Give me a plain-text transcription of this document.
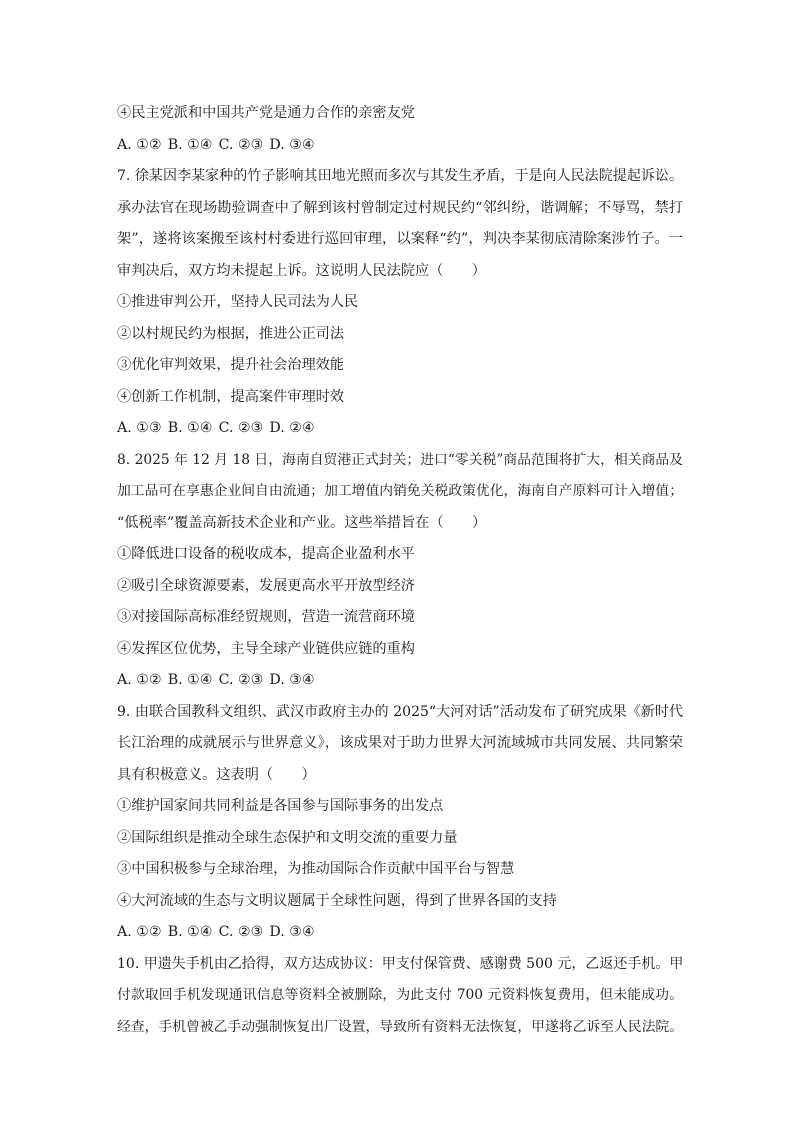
④民主党派和中国共产党是通力合作的亲密友党
A. ①② B. ①④ C. ②③ D. ③④
7. 徐某因李某家种的竹子影响其田地光照而多次与其发生矛盾，于是向人民法院提起诉讼。
承办法官在现场勘验调查中了解到该村曾制定过村规民约“邻纠纷，谐调解；不辱骂，禁打
架”，遂将该案搬至该村村委进行巡回审理，以案释“约”，判决李某彻底清除案涉竹子。一
审判决后，双方均未提起上诉。这说明人民法院应（　　）
①推进审判公开，坚持人民司法为人民
②以村规民约为根据，推进公正司法
③优化审判效果，提升社会治理效能
④创新工作机制，提高案件审理时效
A. ①③ B. ①④ C. ②③ D. ②④
8. 2025 年 12 月 18 日，海南自贸港正式封关；进口“零关税”商品范围将扩大，相关商品及
加工品可在享惠企业间自由流通；加工增值内销免关税政策优化，海南自产原料可计入增值；
“低税率”覆盖高新技术企业和产业。这些举措旨在（　　）
①降低进口设备的税收成本，提高企业盈利水平
②吸引全球资源要素，发展更高水平开放型经济
③对接国际高标准经贸规则，营造一流营商环境
④发挥区位优势，主导全球产业链供应链的重构
A. ①② B. ①④ C. ②③ D. ③④
9. 由联合国教科文组织、武汉市政府主办的 2025“大河对话”活动发布了研究成果《新时代
长江治理的成就展示与世界意义》，该成果对于助力世界大河流域城市共同发展、共同繁荣
具有积极意义。这表明（　　）
①维护国家间共同利益是各国参与国际事务的出发点
②国际组织是推动全球生态保护和文明交流的重要力量
③中国积极参与全球治理，为推动国际合作贡献中国平台与智慧
④大河流域的生态与文明议题属于全球性问题，得到了世界各国的支持
A. ①② B. ①④ C. ②③ D. ③④
10. 甲遗失手机由乙拾得，双方达成协议：甲支付保管费、感谢费 500 元，乙返还手机。甲
付款取回手机发现通讯信息等资料全被删除，为此支付 700 元资料恢复费用，但未能成功。
经查，手机曾被乙手动强制恢复出厂设置，导致所有资料无法恢复，甲遂将乙诉至人民法院。
